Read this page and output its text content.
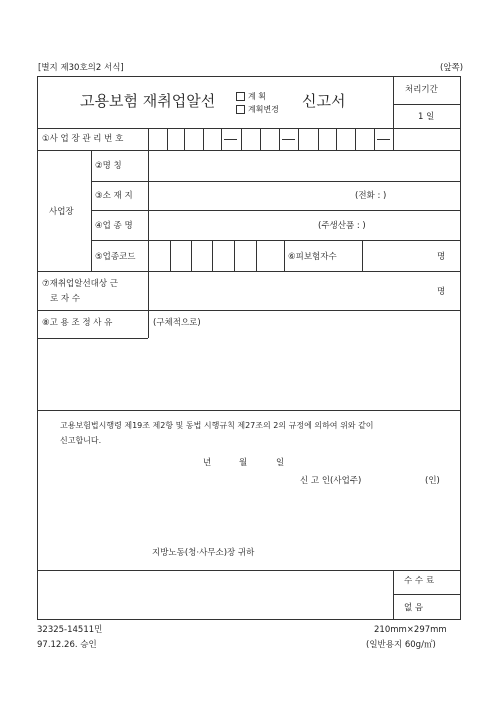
[별지 제30호의2 서식]	(앞쪽)
고용보험 재취업알선	계 획
계획변경 신고서
처리기간
1 일
①사 업 장 관 리 번 호
사업장
②명 칭
③소 재 지	(전화 : )
④업 종 명	(주생산품 : )
⑤업종코드	⑥피보험자수	명
⑦재취업알선대상 근
로 자 수
명
⑧고 용 조 정 사 유	(구체적으로)
고용보험법시행령 제19조 제2항 및 동법 시행규칙 제27조의 2의 규정에 의하여 위와 같이
신고합니다.
년	월	일
신 고 인(사업주)	(인)
지방노동(청·사무소)장 귀하
수 수 료
없 음
32325-14511민
97.12.26. 승인
210mm×297mm
(일반용지 60g/㎡)
